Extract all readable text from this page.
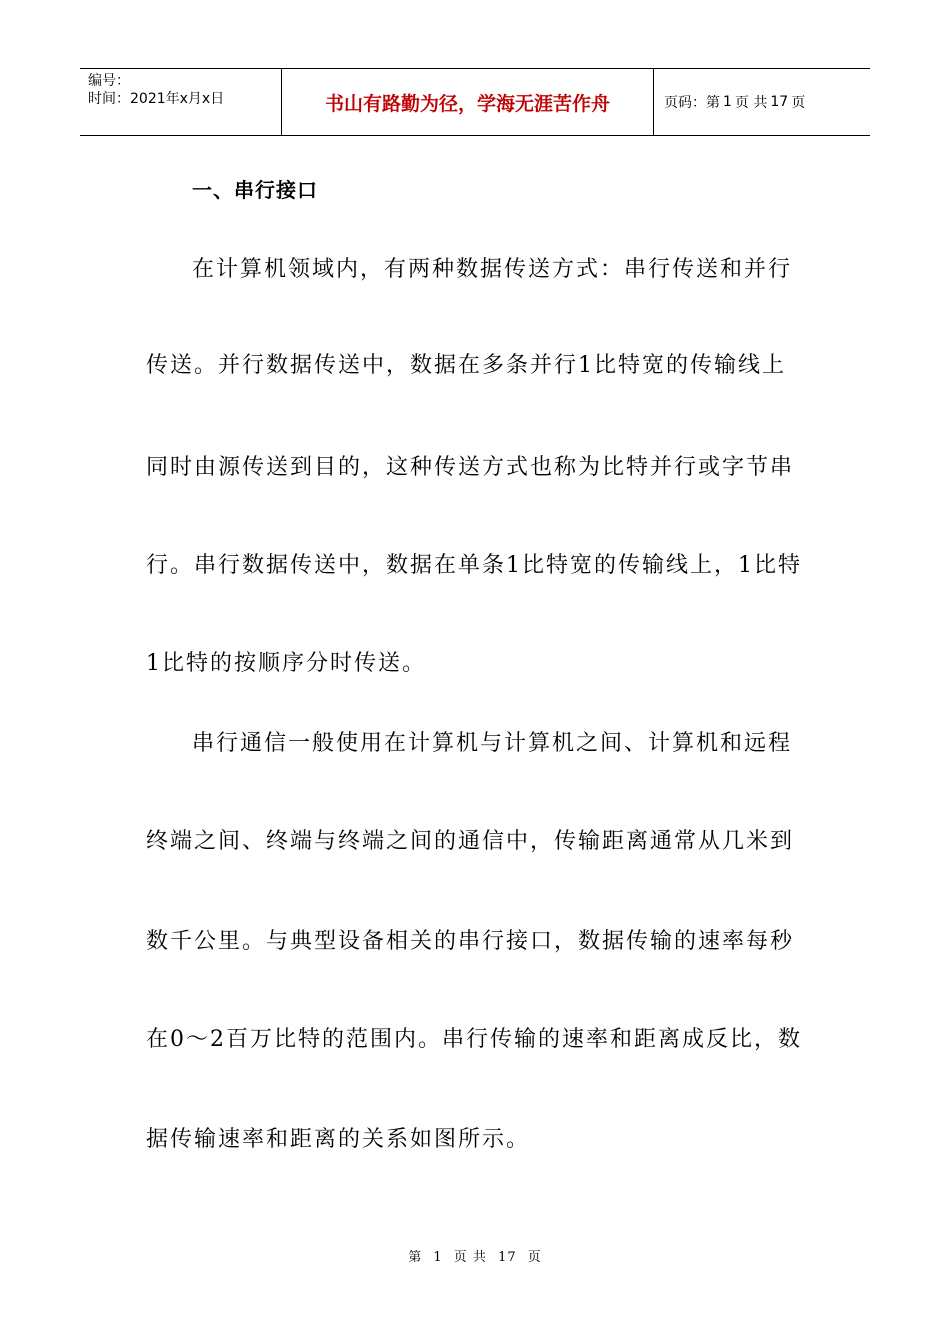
编号：
时间：2021年x月x日	书山有路勤为径，学海无涯苦作舟	页码：第 1 页 共 17 页
一、串行接口
在计算机领域内，有两种数据传送方式：串行传送和并行
传送。并行数据传送中，数据在多条并行1比特宽的传输线上
同时由源传送到目的，这种传送方式也称为比特并行或字节串
行。串行数据传送中，数据在单条1比特宽的传输线上，1比特
1比特的按顺序分时传送。
串行通信一般使用在计算机与计算机之间、计算机和远程
终端之间、终端与终端之间的通信中，传输距离通常从几米到
数千公里。与典型设备相关的串行接口，数据传输的速率每秒
在0～2百万比特的范围内。串行传输的速率和距离成反比，数
据传输速率和距离的关系如图所示。
第 1 页 共 17 页
